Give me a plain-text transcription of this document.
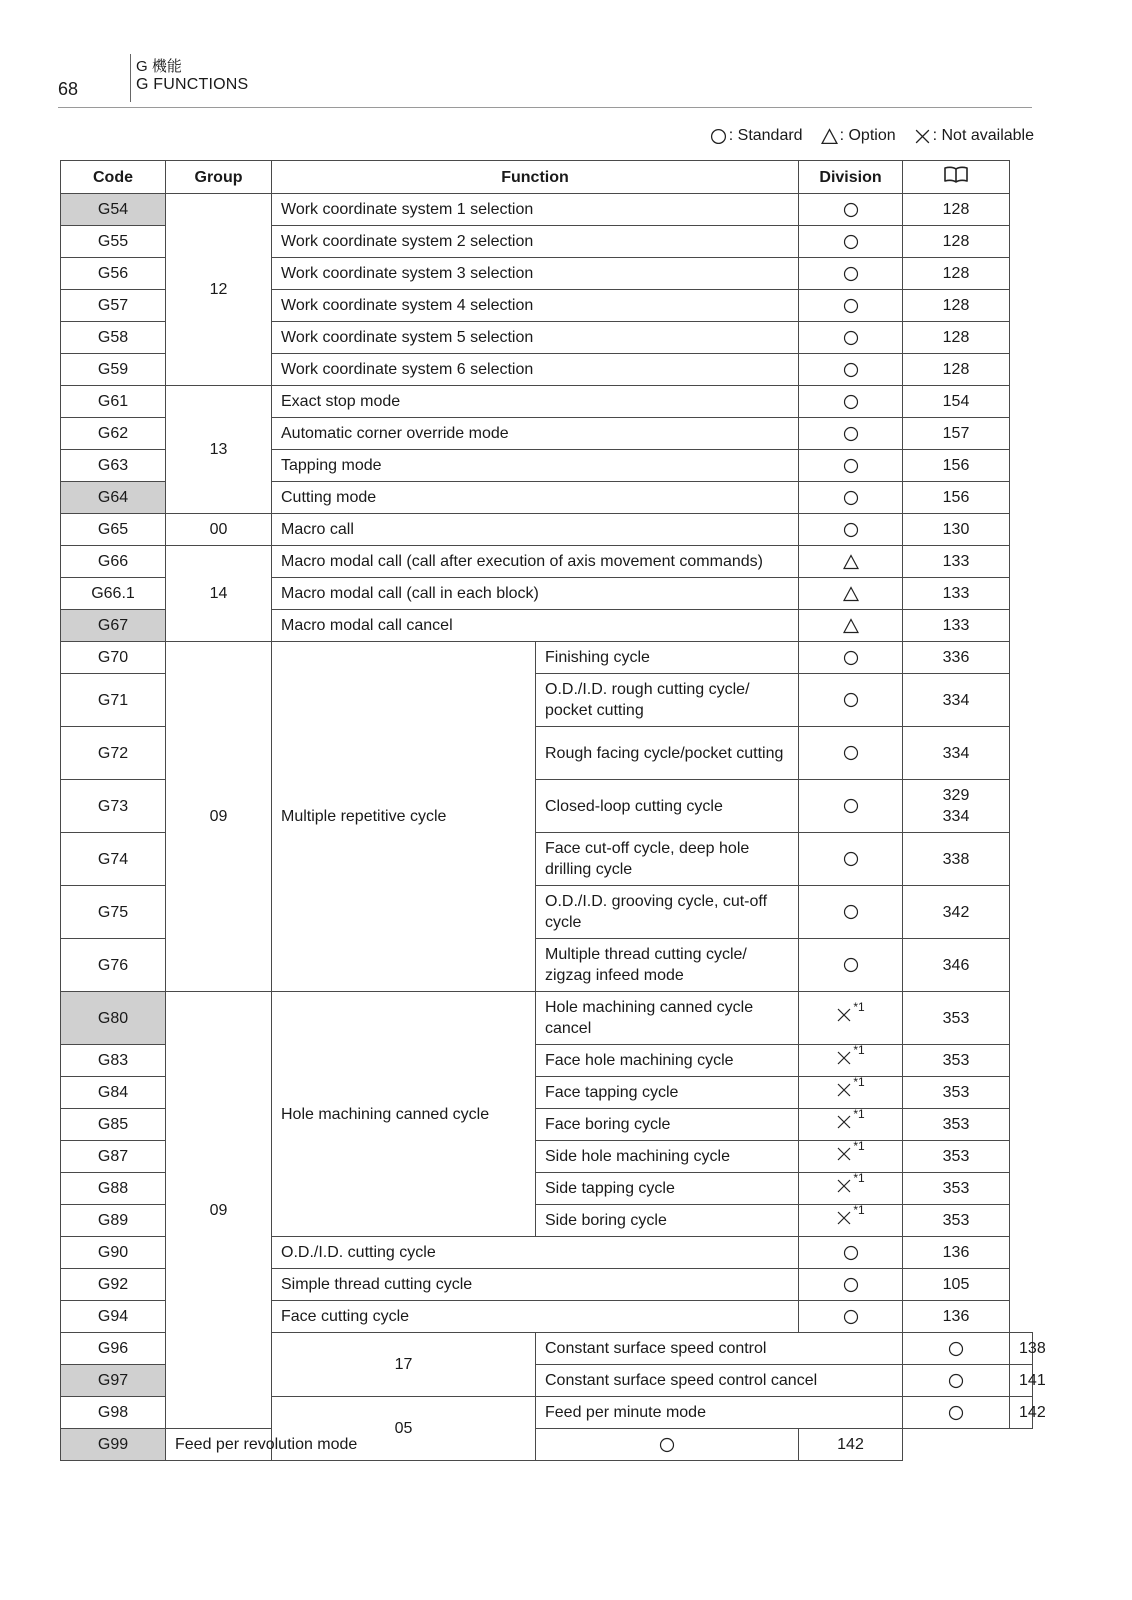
68
G 機能
G FUNCTIONS
: Standard : Option : Not available
Code	Group	Function		Division	
G54	12	Work coordinate system 1 selection			128	
G55		Work coordinate system 2 selection			128	
G56		Work coordinate system 3 selection			128	
G57		Work coordinate system 4 selection			128	
G58		Work coordinate system 5 selection			128	
G59		Work coordinate system 6 selection			128	
G61	13	Exact stop mode			154	
G62		Automatic corner override mode			157	
G63		Tapping mode			156	
G64		Cutting mode			156	
G65	00	Macro call			130	
G66	14	Macro modal call (call after execution of axis movement commands)			133	
G66.1		Macro modal call (call in each block)			133	
G67		Macro modal call cancel			133	
G70	09	Multiple repetitive cycle	Finishing cycle		336	
G71			O.D./I.D. rough cutting cycle/ pocket cutting		334	
G72			Rough facing cycle/pocket cutting		334	
G73			Closed-loop cutting cycle		329
334	
G74			Face cut-off cycle, deep hole drilling cycle		338	
G75			O.D./I.D. grooving cycle, cut-off cycle		342	
G76			Multiple thread cutting cycle/ zigzag infeed mode		346	
G80	09	Hole machining canned cycle	Hole machining canned cycle cancel	$^{*1}$	353	
G83			Face hole machining cycle	$^{*1}$	353	
G84			Face tapping cycle	$^{*1}$	353	
G85			Face boring cycle	$^{*1}$	353	
G87			Side hole machining cycle	$^{*1}$	353	
G88			Side tapping cycle	$^{*1}$	353	
G89			Side boring cycle	$^{*1}$	353	
G90		O.D./I.D. cutting cycle			136	
G92		Simple thread cutting cycle			105	
G94		Face cutting cycle			136	
G96		17	Constant surface speed control			138
G97			Constant surface speed control cancel			141
G98		05	Feed per minute mode			142
G99	Feed per revolution mode			142		
